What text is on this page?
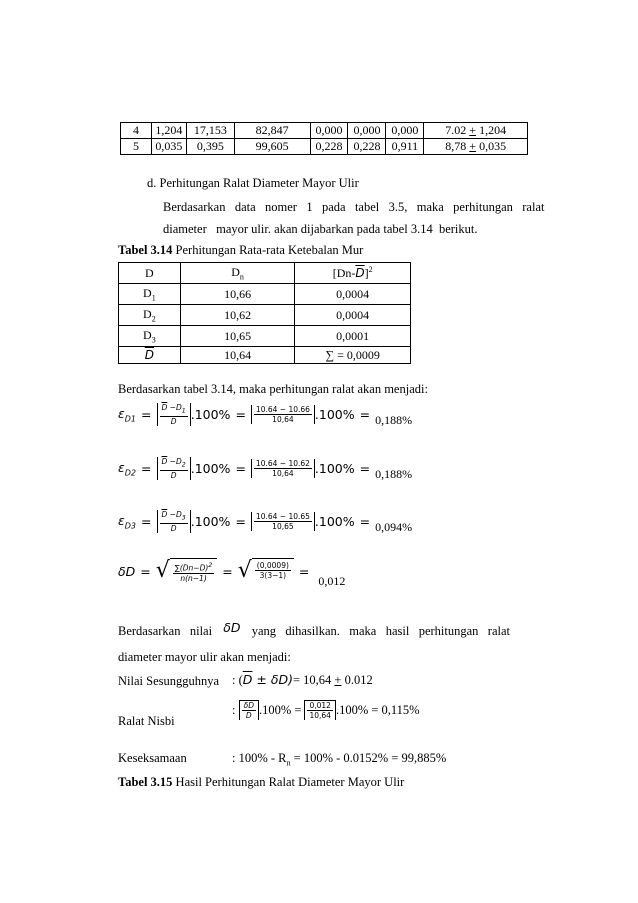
4	1,204	17,153	82,847	0,000	0,000	0,000	7.02 + 1,204
5	0,035	0,395	99,605	0,228	0,228	0,911	8,78 + 0,035
d. Perhitungan Ralat Diameter Mayor Ulir
Berdasarkan   data   nomer   1   pada   tabel   3.5,   maka   perhitungan   ralat
diameter   mayor ulir. akan dijabarkan pada tabel 3.14  berikut.
Tabel 3.14 Perhitungan Rata-rata Ketebalan Mur
D	$D_n$	$[Dn-\overline{D}]^2$
$D_1$	10,66	0,0004
$D_2$	10,62	0,0004
$D_3$	10,65	0,0001
$\overline{D}$	10,64	∑ = 0,0009
Berdasarkan tabel 3.14, maka perhitungan ralat akan menjadi:
$\varepsilon_{D1} = \frac{\overline{D} -D_1}{D} .100\% = \frac{10.64 - 10.66}{10,64} .100\% = 0,188\%$
$\varepsilon_{D2} = \frac{\overline{D} -D_2}{D} .100\% = \frac{10.64 - 10.62}{10,64} .100\% = 0,188\%$
$\varepsilon_{D3} = \frac{\overline{D} -D_3}{D} .100\% = \frac{10.64 - 10.65}{10,65} .100\% = 0,094\%$
δD = √ $\frac{\sum(Dn-D)^2}{n(n-1)}$ = √ $\frac{(0,0009)}{3(3-1)}$ =
0,012
Berdasarkan   nilai δD yang   dihasilkan.   maka   hasil   perhitungan   ralat
diameter mayor ulir akan menjadi:
Nilai Sesungguhnya : $(\overline{D} \pm \delta D)= 10,64 + 0.012$
Ralat Nisbi
: $\frac{\delta D}{D} .100\% = \frac{0,012}{10,64} .100\% = 0,115\%$
Keseksamaan	: $100\% - R_n = 100\% - 0.0152\% = 99,885\%$
Tabel 3.15 Hasil Perhitungan Ralat Diameter Mayor Ulir
